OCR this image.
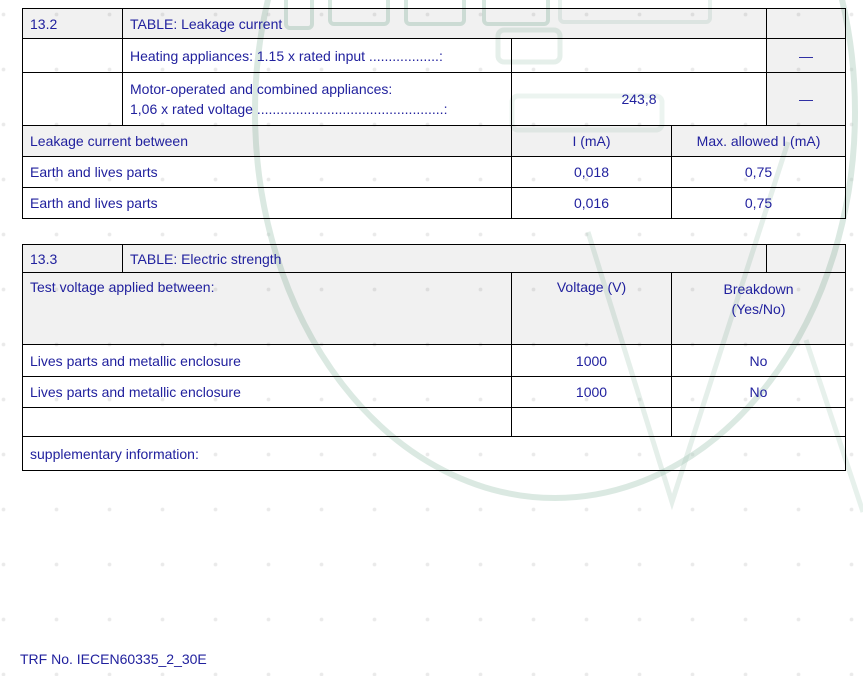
13.2	TABLE: Leakage current			
	Heating appliances: 1.15 x rated input ..................:			—

	Motor-operated and combined appliances:
1,06 x rated voltage ................................................:	243,8		—
Leakage current between		I (mA)	Max. allowed I (mA)	
Earth and lives parts		0,018	0,75	
Earth and lives parts		0,016	0,75	
13.3	TABLE: Electric strength			
Test voltage applied between:		Voltage (V)	Breakdown
(Yes/No)	

Lives parts and metallic enclosure		1000	No	
Lives parts and metallic enclosure		1000	No	

supplementary information:				
TRF No. IECEN60335_2_30E
